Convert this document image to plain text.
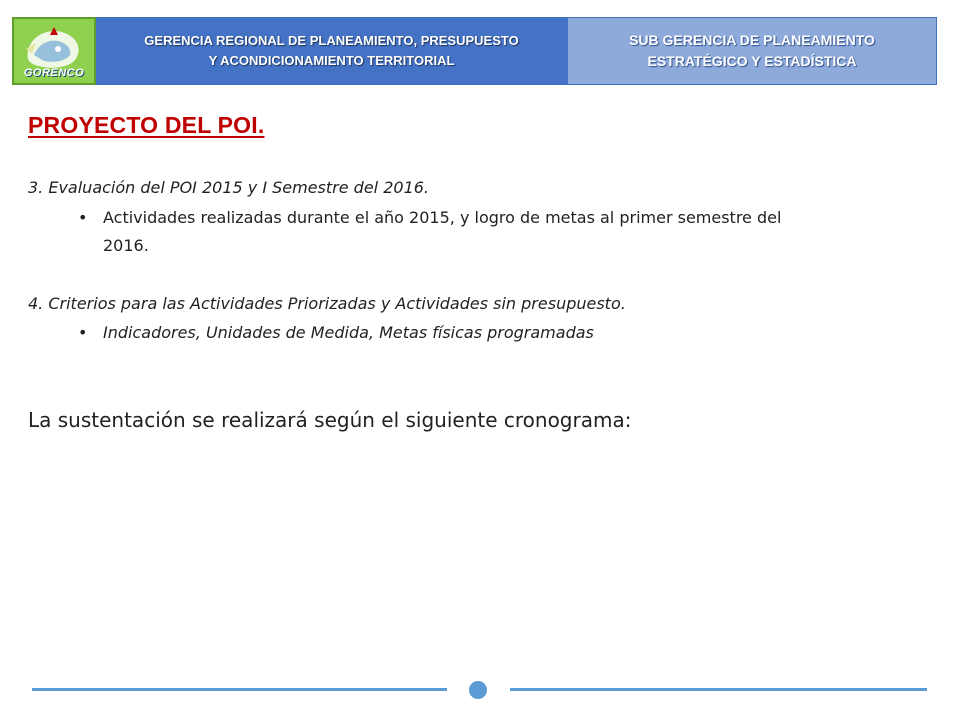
GORENCO
GERENCIA REGIONAL DE PLANEAMIENTO, PRESUPUESTO
Y ACONDICIONAMIENTO TERRITORIAL
SUB GERENCIA DE PLANEAMIENTO
ESTRATÉGICO Y ESTADÍSTICA
PROYECTO DEL POI.
3. Evaluación del POI 2015 y I Semestre del 2016.
• Actividades realizadas durante el año 2015, y logro de metas al primer semestre del
2016.
4. Criterios para las Actividades Priorizadas y Actividades sin presupuesto.
• Indicadores, Unidades de Medida, Metas físicas programadas
La sustentación se realizará según el siguiente cronograma:
